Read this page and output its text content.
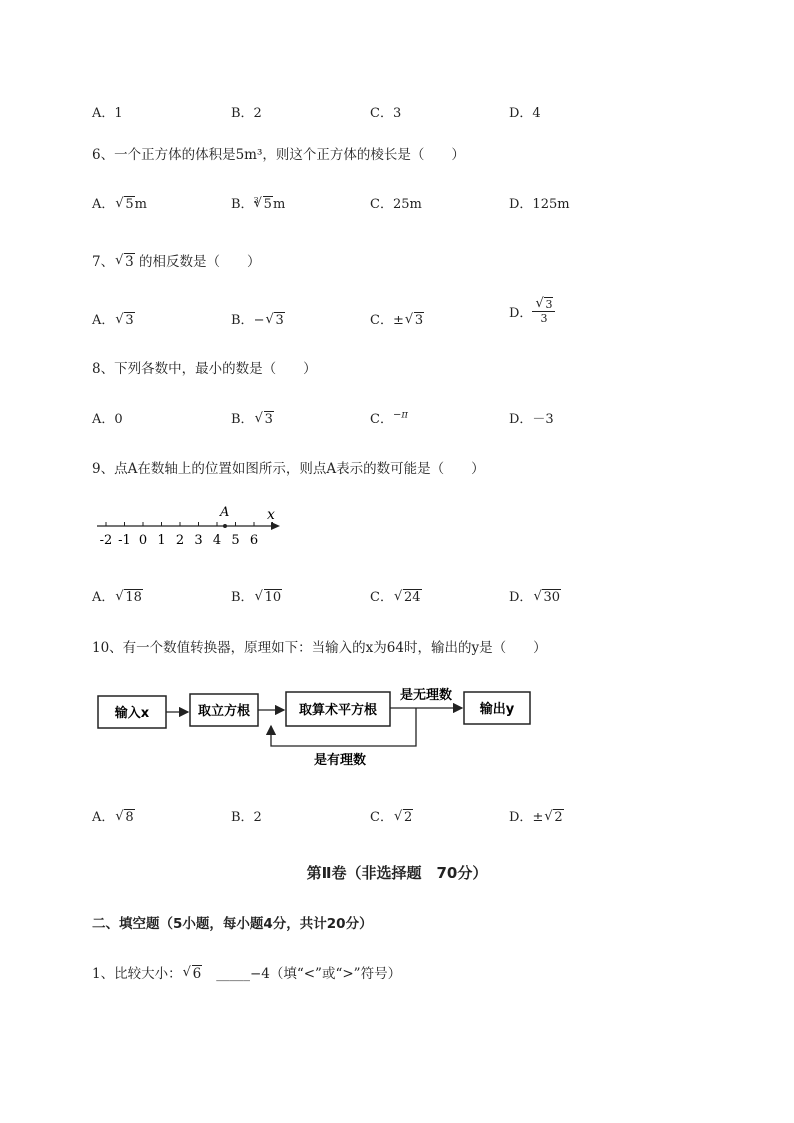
A．1	B．2	C．3	D．4
6、一个正方体的体积是5m³，则这个正方体的棱长是（　　）
A． √ 5m	B．$^3$ √ 5m	C．25m	D．125m
7、 √ 3 的相反数是（　　）
A． √ 3	B．− √ 3	C．± √ 3	D． √ $\frac{3}{3}$
8、下列各数中，最小的数是（　　）
A．0	B． √ 3	C．$^{-\pi}$	D．－3
9、点A在数轴上的位置如图所示，则点A表示的数可能是（　　）
A	x
-2 -1 0 1 2 3 4 5 6
A． √ 18	B． √ 10	C． √ 24	D． √ 30
10、有一个数值转换器，原理如下：当输入的x为64时，输出的y是（　　）
输入x	取立方根	取算术平方根
是无理数
输出y
是有理数
A． √ 8	B．2	C． √ 2	D．± √ 2
第Ⅱ卷（非选择题　70分）
二、填空题（5小题，每小题4分，共计20分）
1、比较大小： √ 6 _____−4（填“<”或“>”符号）
